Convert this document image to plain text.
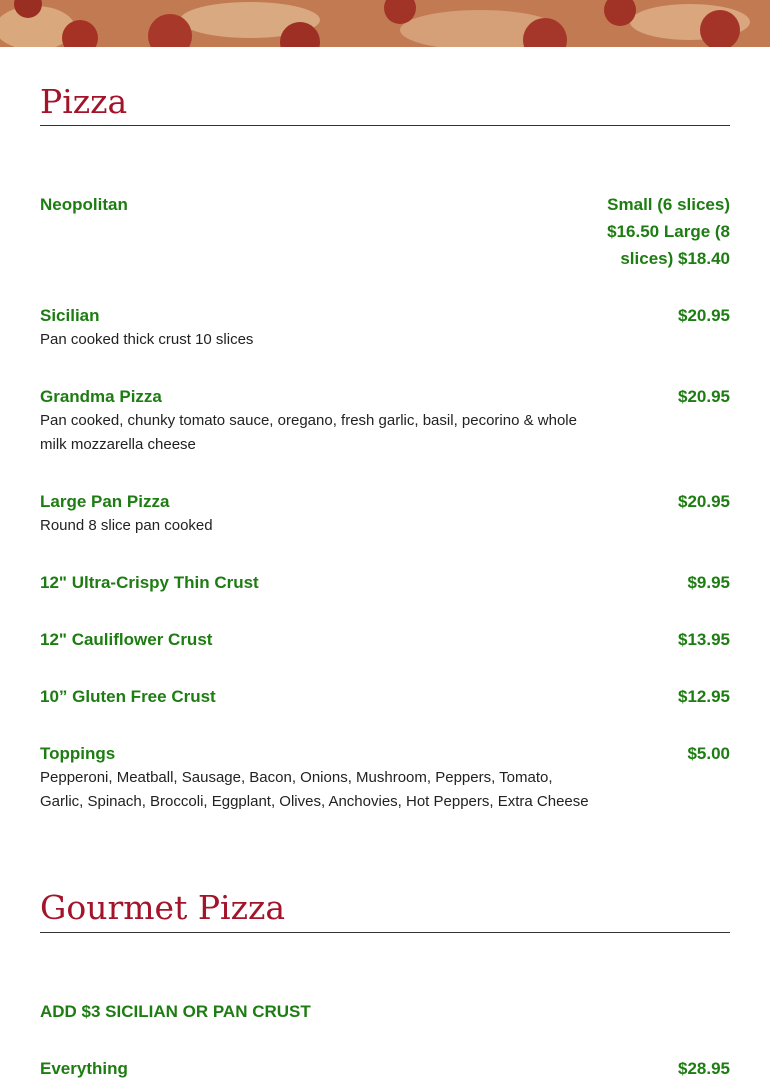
Pizza
Neopolitan	Small (6 slices) $16.50 Large (8 slices) $18.40
Sicilian	$20.95
Pan cooked thick crust 10 slices
Grandma Pizza	$20.95
Pan cooked, chunky tomato sauce, oregano, fresh garlic, basil, pecorino & whole milk mozzarella cheese
Large Pan Pizza	$20.95
Round 8 slice pan cooked
12" Ultra-Crispy Thin Crust	$9.95
12" Cauliflower Crust	$13.95
10” Gluten Free Crust	$12.95
Toppings	$5.00
Pepperoni, Meatball, Sausage, Bacon, Onions, Mushroom, Peppers, Tomato, Garlic, Spinach, Broccoli, Eggplant, Olives, Anchovies, Hot Peppers, Extra Cheese
Gourmet Pizza
ADD $3 SICILIAN OR PAN CRUST
Everything	$28.95
